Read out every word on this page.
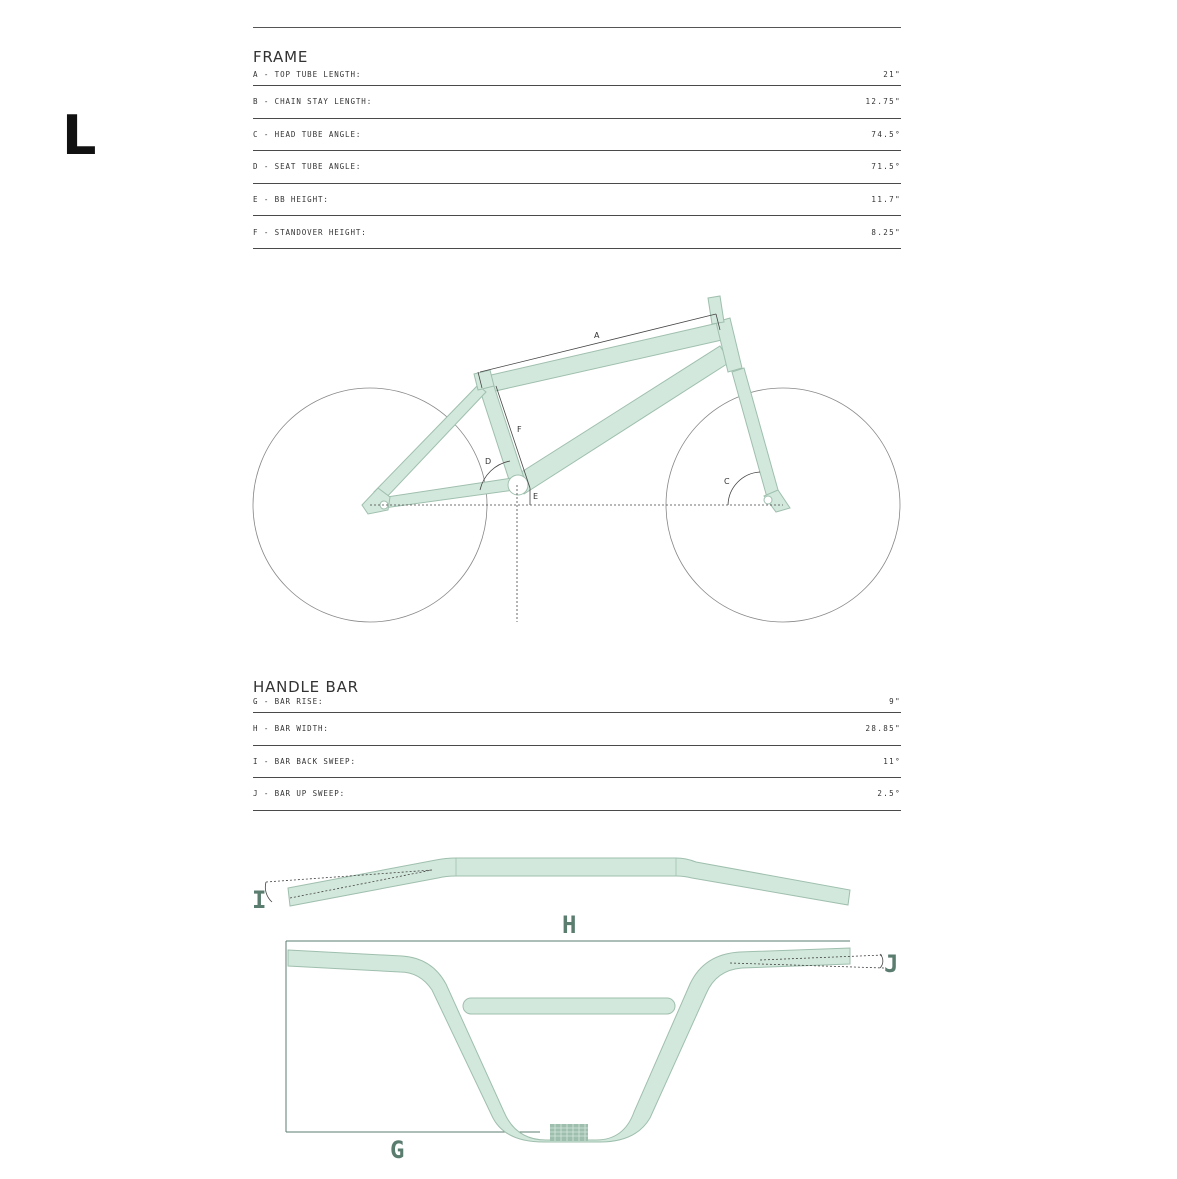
L
FRAME
A - TOP TUBE LENGTH:	21"
B - CHAIN STAY LENGTH:	12.75"
C - HEAD TUBE ANGLE:	74.5°
D - SEAT TUBE ANGLE:	71.5°
E - BB HEIGHT:	11.7"
F - STANDOVER HEIGHT:	8.25"
HANDLE BAR
G - BAR RISE:	9"
H - BAR WIDTH:	28.85"
I - BAR BACK SWEEP:	11°
J - BAR UP SWEEP:	2.5°
A
F
D
E
C
I
H
G
J
